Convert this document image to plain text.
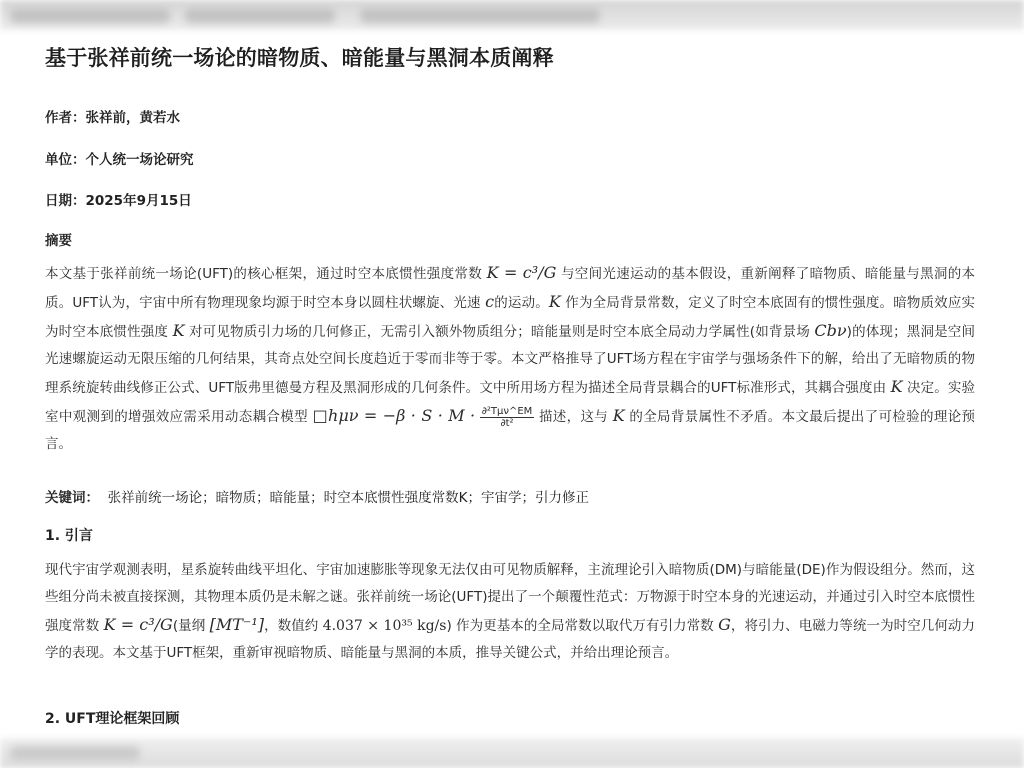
基于张祥前统一场论的暗物质、暗能量与黑洞本质阐释

作者：张祥前，黄若水

单位：个人统一场论研究

日期：2025年9月15日

摘要

本文基于张祥前统一场论(UFT)的核心框架，通过时空本底惯性强度常数 K = c³/G 与空间光速运动的基本假设，重新阐释了暗物质、暗能量与黑洞的本质。UFT认为，宇宙中所有物理现象均源于时空本身以圆柱状螺旋、光速 c的运动。K 作为全局背景常数，定义了时空本底固有的惯性强度。暗物质效应实为时空本底惯性强度 K 对可见物质引力场的几何修正，无需引入额外物质组分；暗能量则是时空本底全局动力学属性(如背景场 Cbν)的体现；黑洞是空间光速螺旋运动无限压缩的几何结果，其奇点处空间长度趋近于零而非等于零。本文严格推导了UFT场方程在宇宙学与强场条件下的解，给出了无暗物质的物理系统旋转曲线修正公式、UFT版弗里德曼方程及黑洞形成的几何条件。文中所用场方程为描述全局背景耦合的UFT标准形式，其耦合强度由 K 决定。实验室中观测到的增强效应需采用动态耦合模型 □hμν = $-\beta \cdot S \cdot M \cdot \frac{\text{∂²Tμν\textasciicircum{}EM}}{\text{∂t²}}$ 描述，这与 K 的全局背景属性不矛盾。本文最后提出了可检验的理论预言。

关键词： 张祥前统一场论；暗物质；暗能量；时空本底惯性强度常数K；宇宙学；引力修正

1. 引言

现代宇宙学观测表明，星系旋转曲线平坦化、宇宙加速膨胀等现象无法仅由可见物质解释，主流理论引入暗物质(DM)与暗能量(DE)作为假设组分。然而，这些组分尚未被直接探测，其物理本质仍是未解之谜。张祥前统一场论(UFT)提出了一个颠覆性范式：万物源于时空本身的光速运动，并通过引入时空本底惯性强度常数 K = c³/G(量纲 [MT⁻¹]，数值约 4.037 × 10³⁵ kg/s) 作为更基本的全局常数以取代万有引力常数 G，将引力、电磁力等统一为时空几何动力学的表现。本文基于UFT框架，重新审视暗物质、暗能量与黑洞的本质，推导关键公式，并给出理论预言。

2. UFT理论框架回顾
